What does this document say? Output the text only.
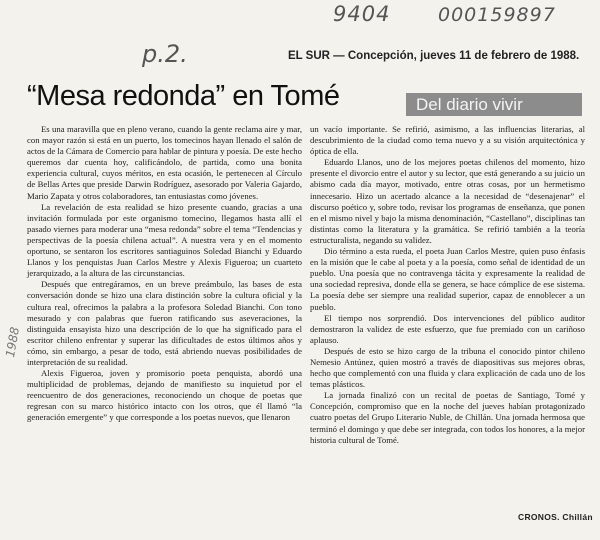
9404	000159897
p.2.
1988
EL SUR — Concepción, jueves 11 de febrero de 1988.
“Mesa redonda” en Tomé	Del diario vivir

Es una maravilla que en pleno verano, cuando la gente reclama aire y mar, con mayor razón si está en un puerto, los tomecinos hayan llenado el salón de actos de la Cámara de Comercio para hablar de pintura y poesía. De este hecho queremos dar cuenta hoy, calificándolo, de partida, como una bonita experiencia cultural, cuyos méritos, en esta ocasión, le pertenecen al Círculo de Bellas Artes que preside Darwin Rodríguez, asesorado por Valeria Gajardo, Mario Zapata y otros colaboradores, tan entusiastas como jóvenes.

La revelación de esta realidad se hizo presente cuando, gracias a una invitación formulada por este organismo tomecino, llegamos hasta allí el pasado viernes para moderar una “mesa redonda” sobre el tema “Tendencias y perspectivas de la poesía chilena actual”. A nuestra vera y en el momento oportuno, se sentaron los escritores santiaguinos Soledad Bianchi y Eduardo Llanos y los penquistas Juan Carlos Mestre y Alexis Figueroa; un cuarteto jerarquizado, a la altura de las circunstancias.

Después que entregáramos, en un breve preámbulo, las bases de esta conversación donde se hizo una clara distinción sobre la cultura oficial y la cultura real, ofrecimos la palabra a la profesora Soledad Bianchi. Con tono mesurado y con palabras que fueron ratificando sus aseveraciones, la distinguida ensayista hizo una descripción de lo que ha significado para el escritor chileno enfrentar y superar las dificultades de estos últimos años y cómo, sin embargo, a pesar de todo, está abriendo nuevas posibilidades de interpretación de su realidad.

Alexis Figueroa, joven y promisorio poeta penquista, abordó una multiplicidad de problemas, dejando de manifiesto su inquietud por el reencuentro de dos generaciones, reconociendo un choque de poetas que regresan con su marco histórico intacto con los otros, que él llamó “la generación emergente” y que corresponde a los poetas nuevos, que llenaron

un vacío importante. Se refirió, asimismo, a las influencias literarias, al descubrimiento de la ciudad como tema nuevo y a su visión arquitectónica y óptica de ella.

Eduardo Llanos, uno de los mejores poetas chilenos del momento, hizo presente el divorcio entre el autor y su lector, que está generando a su juicio un abismo cada día mayor, motivado, entre otras cosas, por un hermetismo innecesario. Hizo un acertado alcance a la necesidad de “desenajenar” el discurso poético y, sobre todo, revisar los programas de enseñanza, que ponen en el mismo nivel y bajo la misma denominación, “Castellano”, disciplinas tan distintas como la literatura y la gramática. Se refirió también a la teoría estructuralista, negando su validez.

Dio término a esta rueda, el poeta Juan Carlos Mestre, quien puso énfasis en la misión que le cabe al poeta y a la poesía, como señal de identidad de un pueblo. Una poesía que no contravenga tácita y expresamente la realidad de una sociedad represiva, donde ella se genera, se hace cómplice de ese sistema. La poesía debe ser siempre una realidad superior, capaz de ennoblecer a un pueblo.

El tiempo nos sorprendió. Dos intervenciones del público auditor demostraron la validez de este esfuerzo, que fue premiado con un cariñoso aplauso.

Después de esto se hizo cargo de la tribuna el conocido pintor chileno Nemesio Antúnez, quien mostró a través de diapositivas sus mejores obras, hecho que complementó con una fluida y clara explicación de cada uno de los temas plásticos.

La jornada finalizó con un recital de poetas de Santiago, Tomé y Concepción, compromiso que en la noche del jueves habían protagonizado cuatro poetas del Grupo Literario Nuble, de Chillán. Una jornada hermosa que terminó el domingo y que debe ser integrada, con todos los honores, a la mejor historia cultural de Tomé.

CRONOS. Chillán
